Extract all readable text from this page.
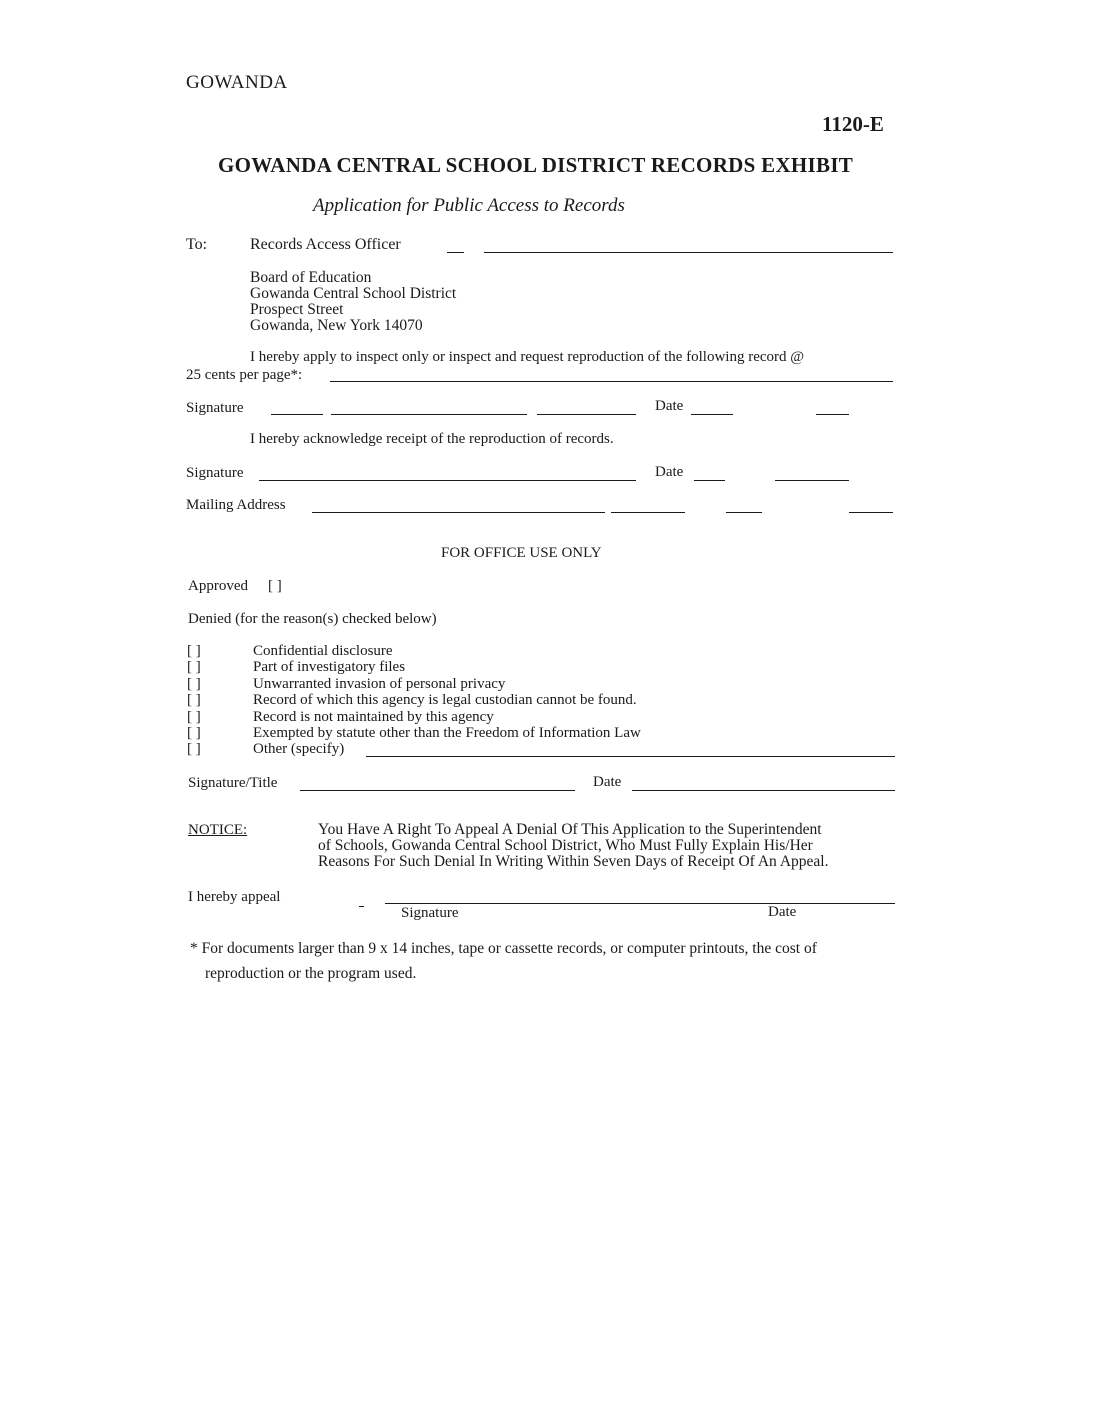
GOWANDA
1120-E
GOWANDA CENTRAL SCHOOL DISTRICT RECORDS EXHIBIT
Application for Public Access to Records
To:	Records Access Officer
Board of Education
Gowanda Central School District
Prospect Street
Gowanda, New York 14070
I hereby apply to inspect only or inspect and request reproduction of the following record @
25 cents per page*:
Signature	Date
I hereby acknowledge receipt of the reproduction of records.
Signature	Date
Mailing Address
FOR OFFICE USE ONLY
Approved [ ]
Denied (for the reason(s) checked below)
[ ]	Confidential disclosure
[ ]	Part of investigatory files
[ ]	Unwarranted invasion of personal privacy
[ ]	Record of which this agency is legal custodian cannot be found.
[ ]	Record is not maintained by this agency
[ ]	Exempted by statute other than the Freedom of Information Law
[ ]	Other (specify)
Signature/Title	Date
NOTICE:	You Have A Right To Appeal A Denial Of This Application to the Superintendent
of Schools, Gowanda Central School District, Who Must Fully Explain His/Her
Reasons For Such Denial In Writing Within Seven Days of Receipt Of An Appeal.
I hereby appeal
Signature	Date
* For documents larger than 9 x 14 inches, tape or cassette records, or computer printouts, the cost of
reproduction or the program used.
